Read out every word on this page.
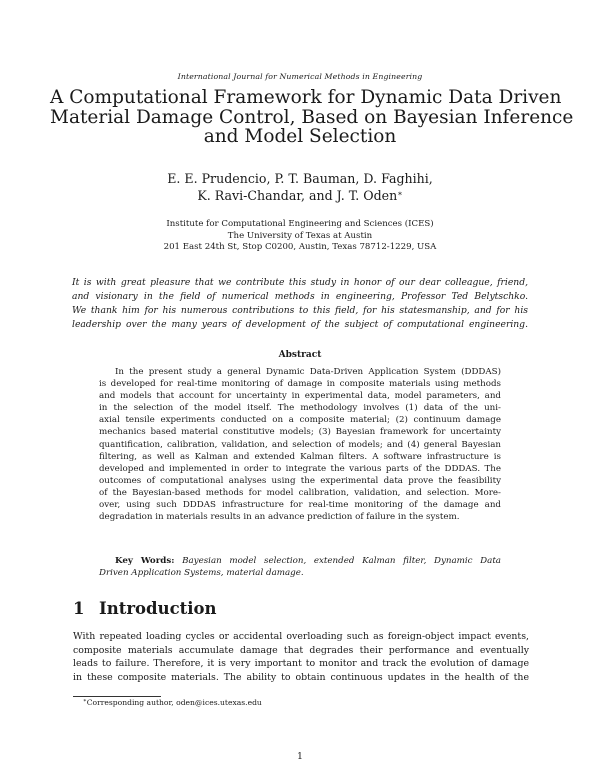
International Journal for Numerical Methods in Engineering
A Computational Framework for Dynamic Data Driven
Material Damage Control, Based on Bayesian Inference
and Model Selection
E. E. Prudencio, P. T. Bauman, D. Faghihi,
K. Ravi-Chandar, and J. T. Oden∗
Institute for Computational Engineering and Sciences (ICES)
The University of Texas at Austin
201 East 24th St, Stop C0200, Austin, Texas 78712-1229, USA
It is with great pleasure that we contribute this study in honor of our dear colleague, friend,
and visionary in the field of numerical methods in engineering, Professor Ted Belytschko.
We thank him for his numerous contributions to this field, for his statesmanship, and for his
leadership over the many years of development of the subject of computational engineering.
Abstract
In the present study a general Dynamic Data-Driven Application System (DDDAS)
is developed for real-time monitoring of damage in composite materials using methods
and models that account for uncertainty in experimental data, model parameters, and
in the selection of the model itself. The methodology involves (1) data of the uni-
axial tensile experiments conducted on a composite material; (2) continuum damage
mechanics based material constitutive models; (3) Bayesian framework for uncertainty
quantification, calibration, validation, and selection of models; and (4) general Bayesian
filtering, as well as Kalman and extended Kalman filters. A software infrastructure is
developed and implemented in order to integrate the various parts of the DDDAS. The
outcomes of computational analyses using the experimental data prove the feasibility
of the Bayesian-based methods for model calibration, validation, and selection. More-
over, using such DDDAS infrastructure for real-time monitoring of the damage and
degradation in materials results in an advance prediction of failure in the system.
Key Words: Bayesian model selection, extended Kalman filter, Dynamic Data
Driven Application Systems, material damage.
1 Introduction
With repeated loading cycles or accidental overloading such as foreign-object impact events,
composite materials accumulate damage that degrades their performance and eventually
leads to failure. Therefore, it is very important to monitor and track the evolution of damage
in these composite materials. The ability to obtain continuous updates in the health of the
∗Corresponding author, oden@ices.utexas.edu
1
